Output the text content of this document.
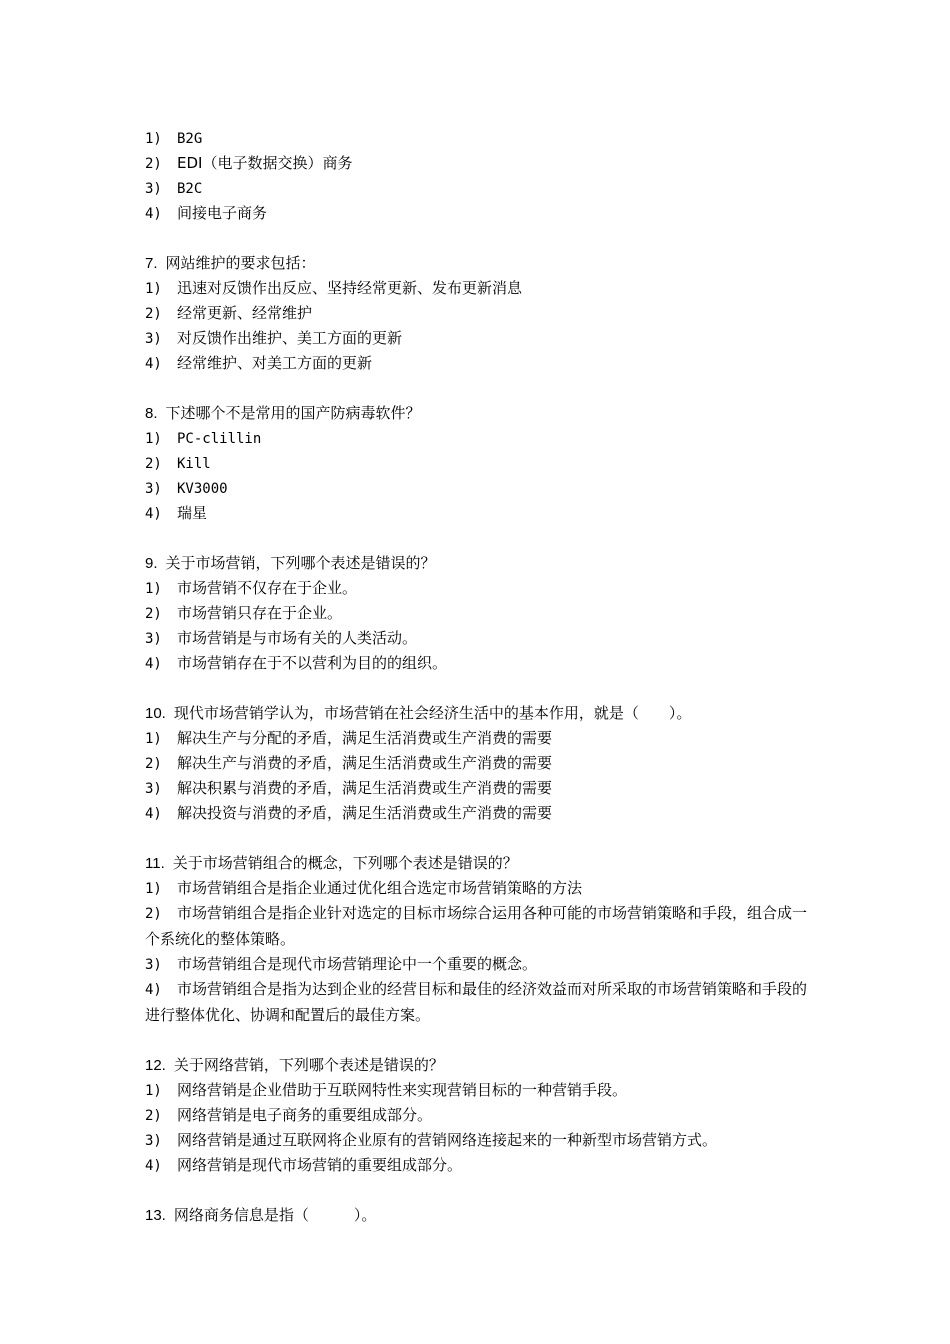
1) B2G
2) EDI（电子数据交换）商务
3) B2C
4) 间接电子商务
7. 网站维护的要求包括：
1) 迅速对反馈作出反应、坚持经常更新、发布更新消息
2) 经常更新、经常维护
3) 对反馈作出维护、美工方面的更新
4) 经常维护、对美工方面的更新
8. 下述哪个不是常用的国产防病毒软件？
1) PC-clillin
2) Kill
3) KV3000
4) 瑞星
9. 关于市场营销，下列哪个表述是错误的？
1) 市场营销不仅存在于企业。
2) 市场营销只存在于企业。
3) 市场营销是与市场有关的人类活动。
4) 市场营销存在于不以营利为目的的组织。
10. 现代市场营销学认为，市场营销在社会经济生活中的基本作用，就是（　　）。
1) 解决生产与分配的矛盾，满足生活消费或生产消费的需要
2) 解决生产与消费的矛盾，满足生活消费或生产消费的需要
3) 解决积累与消费的矛盾，满足生活消费或生产消费的需要
4) 解决投资与消费的矛盾，满足生活消费或生产消费的需要
11. 关于市场营销组合的概念，下列哪个表述是错误的？
1) 市场营销组合是指企业通过优化组合选定市场营销策略的方法
2) 市场营销组合是指企业针对选定的目标市场综合运用各种可能的市场营销策略和手段，组合成一个系统化的整体策略。
3) 市场营销组合是现代市场营销理论中一个重要的概念。
4) 市场营销组合是指为达到企业的经营目标和最佳的经济效益而对所采取的市场营销策略和手段的进行整体优化、协调和配置后的最佳方案。
12. 关于网络营销，下列哪个表述是错误的？
1) 网络营销是企业借助于互联网特性来实现营销目标的一种营销手段。
2) 网络营销是电子商务的重要组成部分。
3) 网络营销是通过互联网将企业原有的营销网络连接起来的一种新型市场营销方式。
4) 网络营销是现代市场营销的重要组成部分。
13. 网络商务信息是指（　　　）。
